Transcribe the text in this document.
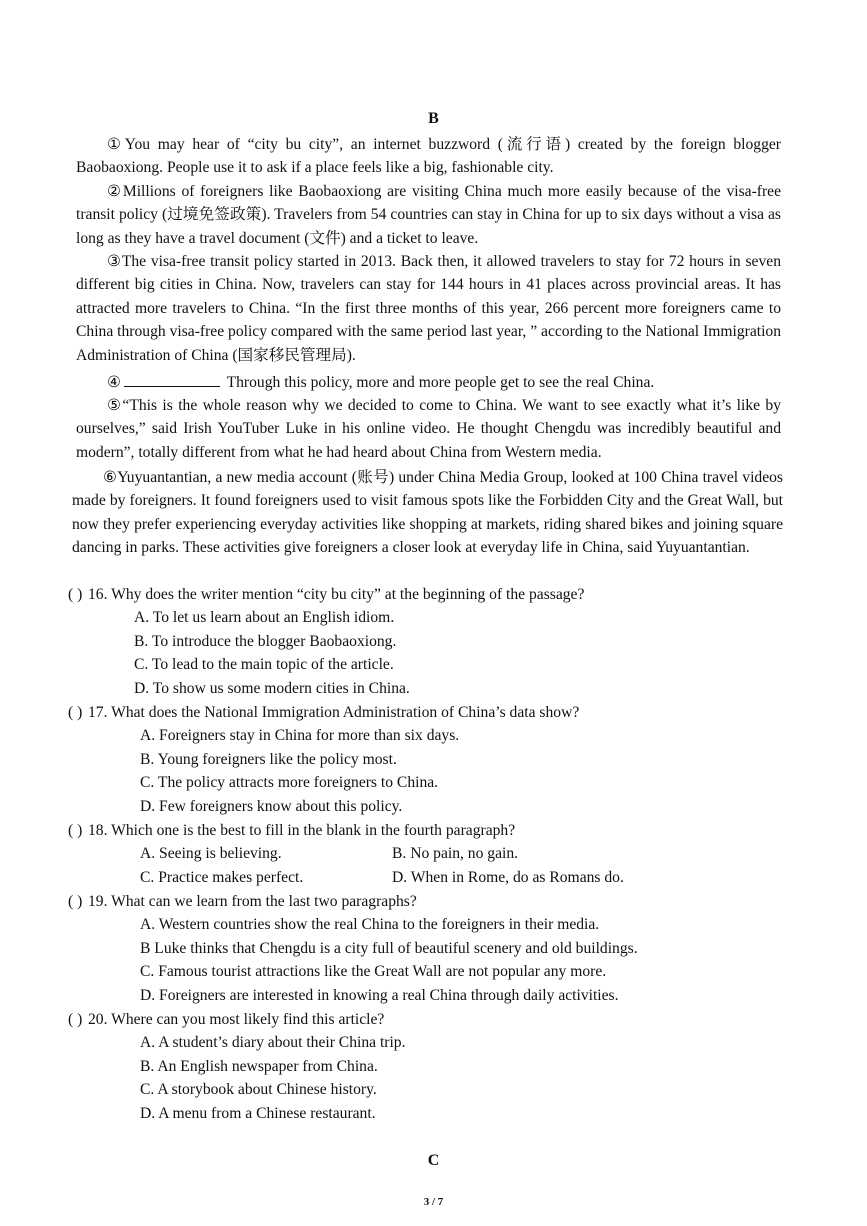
B

①You may hear of “city bu city”, an internet buzzword (流行语) created by the foreign blogger Baobaoxiong. People use it to ask if a place feels like a big, fashionable city.

②Millions of foreigners like Baobaoxiong are visiting China much more easily because of the visa-free transit policy (过境免签政策). Travelers from 54 countries can stay in China for up to six days without a visa as long as they have a travel document (文件) and a ticket to leave.

③The visa-free transit policy started in 2013. Back then, it allowed travelers to stay for 72 hours in seven different big cities in China. Now, travelers can stay for 144 hours in 41 places across provincial areas. It has attracted more travelers to China. “In the first three months of this year, 266 percent more foreigners came to China through visa-free policy compared with the same period last year, ” according to the National Immigration Administration of China (国家移民管理局).

④	Through this policy, more and more people get to see the real China.

⑤“This is the whole reason why we decided to come to China. We want to see exactly what it’s like by ourselves,” said Irish YouTuber Luke in his online video. He thought Chengdu was incredibly beautiful and modern”, totally different from what he had heard about China from Western media.

⑥Yuyuantantian, a new media account (账号) under China Media Group, looked at 100 China travel videos made by foreigners. It found foreigners used to visit famous spots like the Forbidden City and the Great Wall, but now they prefer experiencing everyday activities like shopping at markets, riding shared bikes and joining square dancing in parks. These activities give foreigners a closer look at everyday life in China, said Yuyuantantian.

( ) 16. Why does the writer mention “city bu city” at the beginning of the passage?
A. To let us learn about an English idiom.
B. To introduce the blogger Baobaoxiong.
C. To lead to the main topic of the article.
D. To show us some modern cities in China.
( ) 17. What does the National Immigration Administration of China’s data show?
A. Foreigners stay in China for more than six days.
B. Young foreigners like the policy most.
C. The policy attracts more foreigners to China.
D. Few foreigners know about this policy.
( ) 18. Which one is the best to fill in the blank in the fourth paragraph?
A. Seeing is believing.	B. No pain, no gain.
C. Practice makes perfect.	D. When in Rome, do as Romans do.
( ) 19. What can we learn from the last two paragraphs?
A. Western countries show the real China to the foreigners in their media.
B Luke thinks that Chengdu is a city full of beautiful scenery and old buildings.
C. Famous tourist attractions like the Great Wall are not popular any more.
D. Foreigners are interested in knowing a real China through daily activities.
( ) 20. Where can you most likely find this article?
A. A student’s diary about their China trip.
B. An English newspaper from China.
C. A storybook about Chinese history.
D. A menu from a Chinese restaurant.
C
3 / 7
